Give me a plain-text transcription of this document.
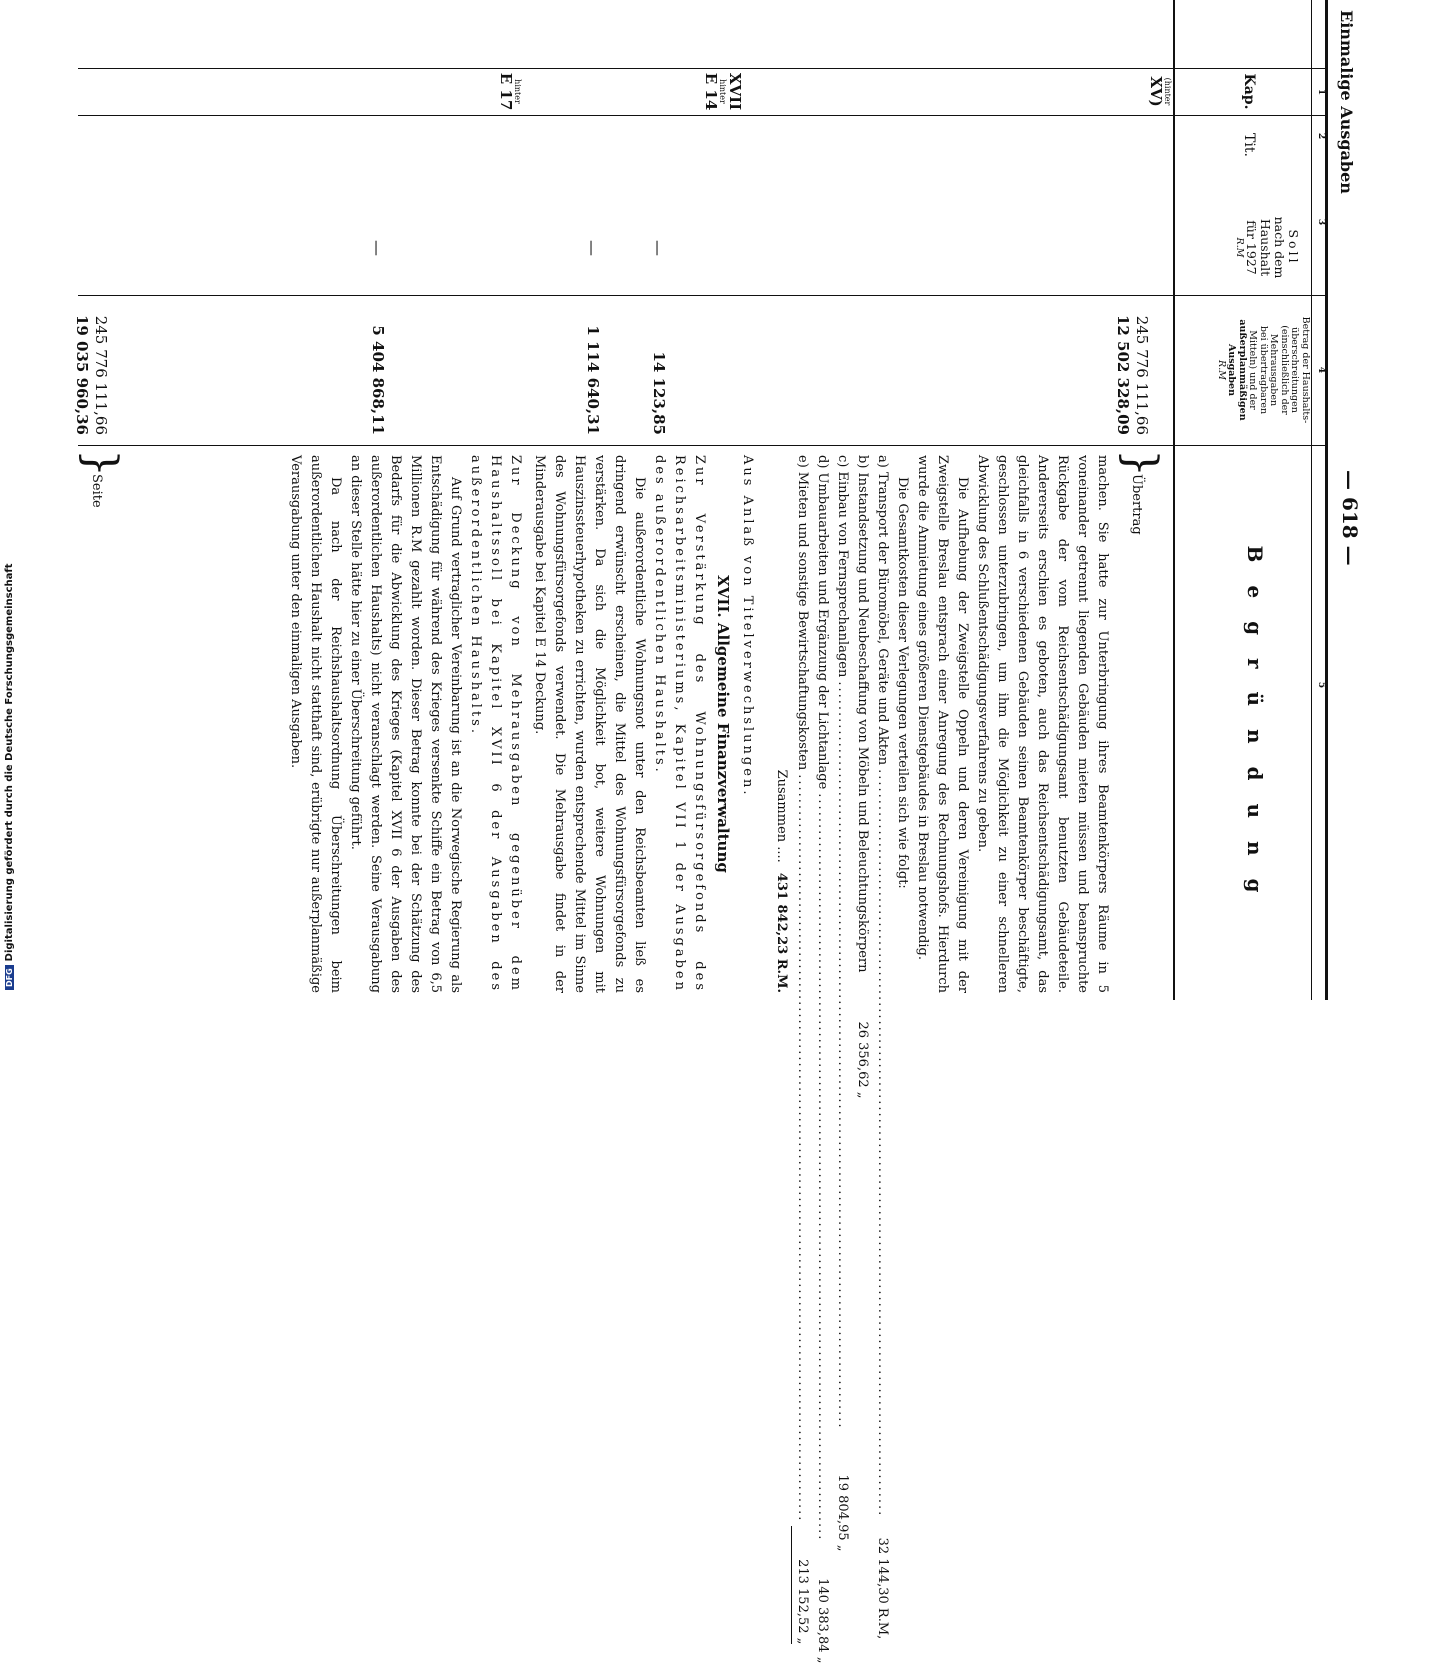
Einmalige Ausgaben
— 618 —
1
2
3
4
5
Kap.
Tit.
Soll
nach dem
Haushalt
für 1927
R.M
Betrag der Haushalts-
überschreitungen
(einschließlich der
Mehrausgaben
bei übertragbaren
Mitteln) und der
außerplanmäßigen
Ausgaben
R.M
B e g r ü n d u n g
(hinter
XV)
XVII
hinter
E 14
hinter
E 17
—
—
—
245 776 111,66
12 502 328,09
14 123,85
1 114 640,31
5 404 868,11
245 776 111,66
19 035 960,36
}
Übertrag
}
Seite	machen. Sie hatte zur Unterbringung ihres Beamtenkörpers Räume in 5 voneinander getrennt liegenden Gebäuden mieten müssen und beanspruchte Rückgabe der vom Reichsentschädigungsamt benutzten Gebäudeteile. Andererseits erschien es geboten, auch das Reichsentschädigungsamt, das gleichfalls in 6 verschiedenen Gebäuden seinen Beamtenkörper beschäftigte, geschlossen unterzubringen, um ihm die Möglichkeit zu einer schnelleren Abwicklung des Schlußentschädigungsverfahrens zu geben.

Die Aufhebung der Zweigstelle Oppeln und deren Vereinigung mit der Zweigstelle Breslau entsprach einer Anregung des Rechnungshofs. Hierdurch wurde die Anmietung eines größeren Dienstgebäudes in Breslau notwendig.

Die Gesamtkosten dieser Verlegungen verteilen sich wie folgt:

a) Transport der Büromöbel, Geräte und Akten
.....
32 144,30 R.M,
b) Instandsetzung und Neubeschaffung von Möbeln und Beleuchtungskörpern
26 356,62 „
c) Einbau von Fernsprechanlagen
.....
19 804,95 „
d) Umbauarbeiten und Ergänzung der Lichtanlage
.....
140 383,84 „
e) Mieten und sonstige Bewirtschaftungskosten
.....
213 152,52 „
Zusammen ....
431 842,23 R.M.

Aus Anlaß von Titelverwechslungen.

XVII. Allgemeine Finanzverwaltung

Zur Verstärkung des Wohnungsfürsorgefonds des Reichsarbeitsministeriums, Kapitel VII 1 der Ausgaben des außerordentlichen Haushalts.

Die außerordentliche Wohnungsnot unter den Reichsbeamten ließ es dringend erwünscht erscheinen, die Mittel des Wohnungsfürsorgefonds zu verstärken. Da sich die Möglichkeit bot, weitere Wohnungen mit Hauszinssteuerhypotheken zu errichten, wurden entsprechende Mittel im Sinne des Wohnungsfürsorgefonds verwendet. Die Mehrausgabe findet in der Minderausgabe bei Kapitel E 14 Deckung.

Zur Deckung von Mehrausgaben gegenüber dem Haushaltssoll bei Kapitel XVII 6 der Ausgaben des außerordentlichen Haushalts.

Auf Grund vertraglicher Vereinbarung ist an die Norwegische Regierung als Entschädigung für während des Krieges versenkte Schiffe ein Betrag von 6,5 Millionen R.M gezahlt worden. Dieser Betrag konnte bei der Schätzung des Bedarfs für die Abwicklung des Krieges (Kapitel XVII 6 der Ausgaben des außerordentlichen Haushalts) nicht veranschlagt werden. Seine Verausgabung an dieser Stelle hätte hier zu einer Überschreitung geführt.

Da nach der Reichshaushaltsordnung Überschreitungen beim außerordentlichen Haushalt nicht statthaft sind, erübrigte nur außerplanmäßige Verausgabung unter den einmaligen Ausgaben.

DFGDigitalisierung gefördert durch die Deutsche Forschungsgemeinschaft
